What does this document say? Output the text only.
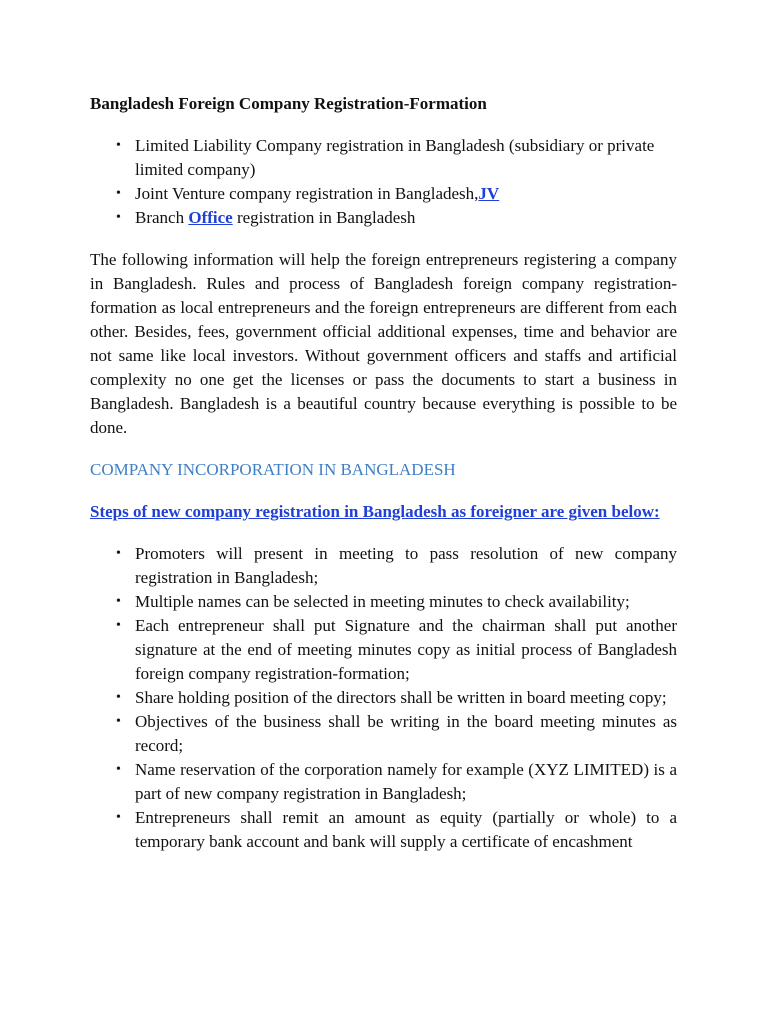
Bangladesh Foreign Company Registration-Formation
• Limited Liability Company registration in Bangladesh (subsidiary or private limited company)
• Joint Venture company registration in Bangladesh,JV
• Branch Office registration in Bangladesh

The following information will help the foreign entrepreneurs registering a company in Bangladesh. Rules and process of Bangladesh foreign company registration-formation as local entrepreneurs and the foreign entrepreneurs are different from each other. Besides, fees, government official additional expenses, time and behavior are not same like local investors. Without government officers and staffs and artificial complexity no one get the licenses or pass the documents to start a business in Bangladesh. Bangladesh is a beautiful country because everything is possible to be done.

COMPANY INCORPORATION IN BANGLADESH
Steps of new company registration in Bangladesh as foreigner are given below:
• Promoters will present in meeting to pass resolution of new company registration in Bangladesh;
• Multiple names can be selected in meeting minutes to check availability;
• Each entrepreneur shall put Signature and the chairman shall put another signature at the end of meeting minutes copy as initial process of Bangladesh foreign company registration-formation;
• Share holding position of the directors shall be written in board meeting copy;
• Objectives of the business shall be writing in the board meeting minutes as record;
• Name reservation of the corporation namely for example (XYZ LIMITED) is a part of new company registration in Bangladesh;
• Entrepreneurs shall remit an amount as equity (partially or whole) to a temporary bank account and bank will supply a certificate of encashment
